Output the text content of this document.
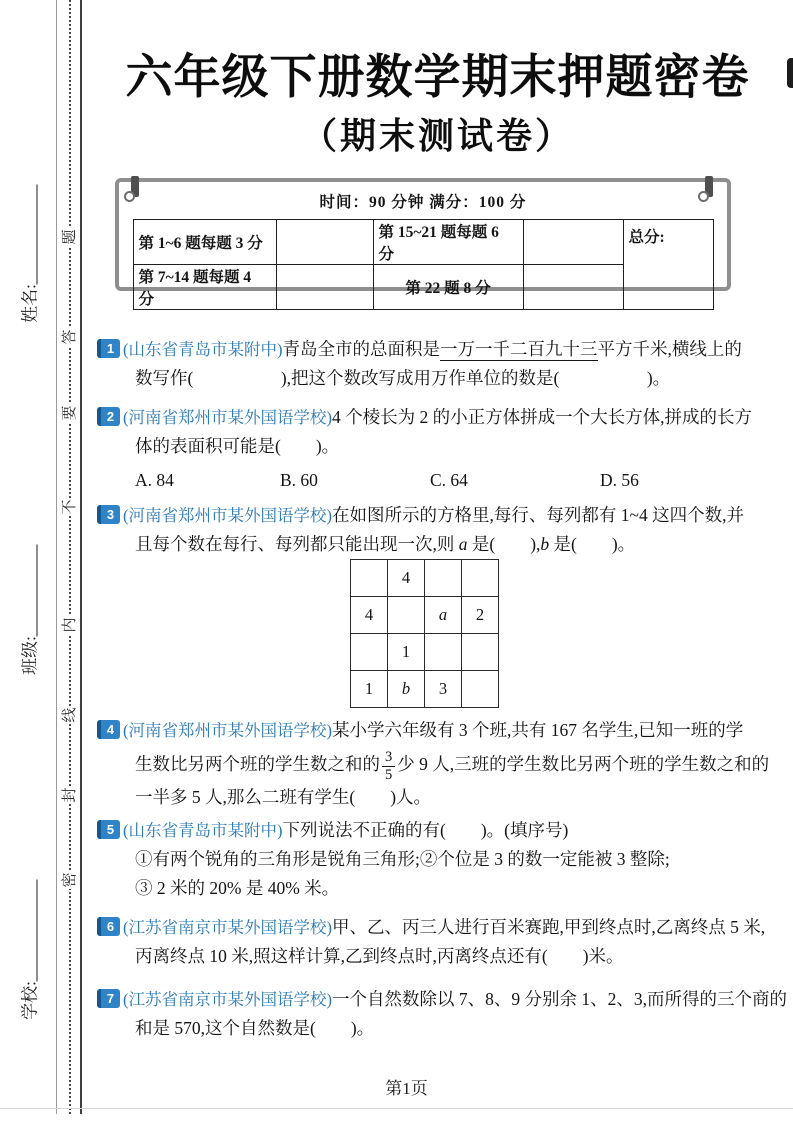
姓名:
班级:
学校:
题
答
要
不
内
线
封
密
六年级下册数学期末押题密卷
（期末测试卷）
时间：90 分钟 满分：100 分
第 1~6 题每题 3 分		第 15~21 题每题 6 分		总分:
第 7~14 题每题 4 分		第 22 题 8 分		
1 (山东省青岛市某附中)青岛全市的总面积是一万一千二百九十三平方千米,横线上的
数写作(　　　　　),把这个数改写成用万作单位的数是(　　　　　)。
2 (河南省郑州市某外国语学校)4 个棱长为 2 的小正方体拼成一个大长方体,拼成的长方
体的表面积可能是(　　)。
A. 84	B. 60	C. 64	D. 56
3 (河南省郑州市某外国语学校)在如图所示的方格里,每行、每列都有 1~4 这四个数,并
且每个数在每行、每列都只能出现一次,则 a 是(　　),b 是(　　)。
	4		
4		a	2
	1		
1	b	3	
4 (河南省郑州市某外国语学校)某小学六年级有 3 个班,共有 167 名学生,已知一班的学
生数比另两个班的学生数之和的 $\frac{3}{5}$ 少 9 人,三班的学生数比另两个班的学生数之和的
一半多 5 人,那么二班有学生(　　)人。
5 (山东省青岛市某附中)下列说法不正确的有(　　)。(填序号)
①有两个锐角的三角形是锐角三角形;②个位是 3 的数一定能被 3 整除;
③ 2 米的 20% 是 40% 米。
6 (江苏省南京市某外国语学校)甲、乙、丙三人进行百米赛跑,甲到终点时,乙离终点 5 米,
丙离终点 10 米,照这样计算,乙到终点时,丙离终点还有(　　)米。
7 (江苏省南京市某外国语学校)一个自然数除以 7、8、9 分别余 1、2、3,而所得的三个商的
和是 570,这个自然数是(　　)。
第1页
